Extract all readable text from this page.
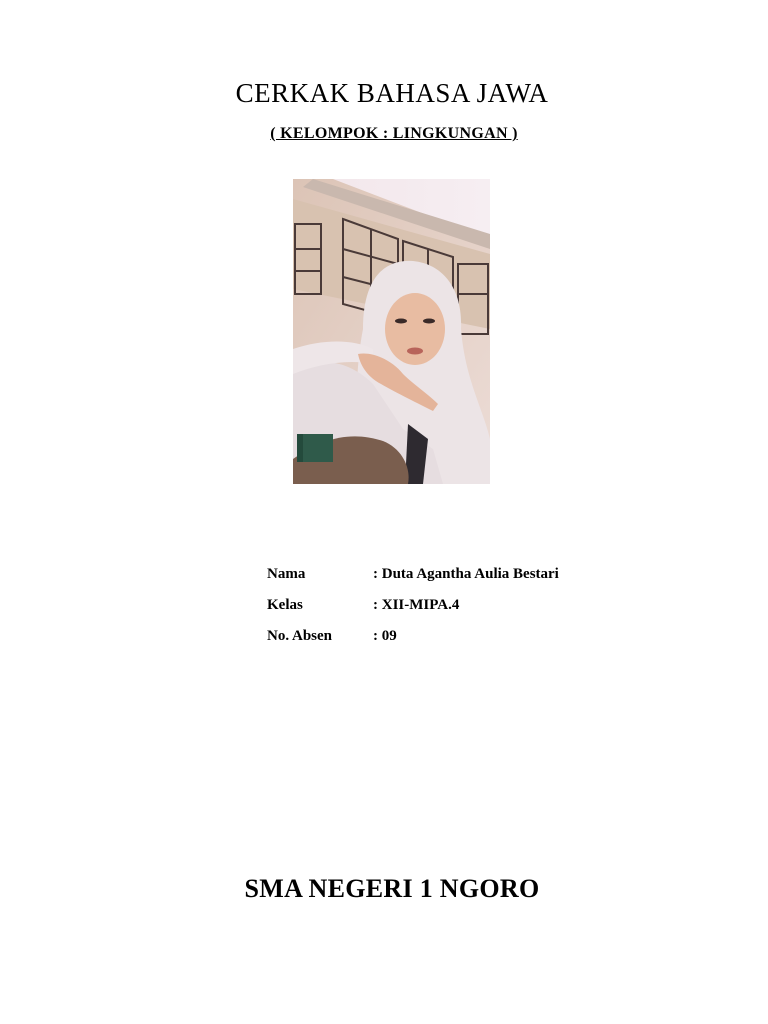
CERKAK BAHASA JAWA
( KELOMPOK : LINGKUNGAN )
Nama	: Duta Agantha Aulia Bestari
Kelas	: XII-MIPA.4
No. Absen	: 09
SMA NEGERI 1 NGORO
